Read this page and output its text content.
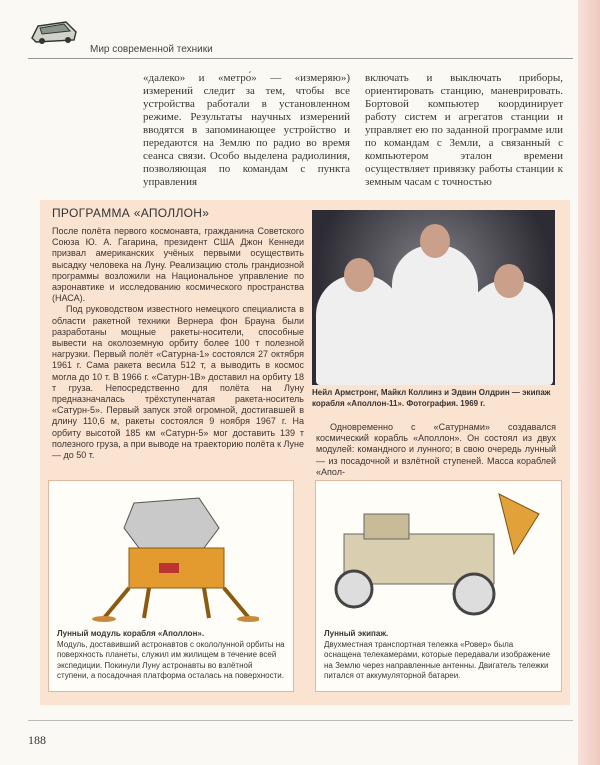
Мир современной техники
«далеко» и «метро́» — «измеряю») измерений следит за тем, чтобы все устройства работали в установленном режиме. Результаты научных измерений вводятся в запоминающее устройство и передаются на Землю по радио во время сеанса связи. Особо выделена радиолиния, позволяющая по командам с пункта управления
включать и выключать приборы, ориентировать станцию, маневрировать. Бортовой компьютер координирует работу систем и агрегатов станции и управляет ею по заданной программе или по командам с Земли, а связанный с компьютером эталон времени осуществляет привязку работы станции к земным часам с точностью
ПРОГРАММА «АПОЛЛОН»
После полёта первого космонавта, гражданина Советского Союза Ю. А. Гагарина, президент США Джон Кеннеди призвал американских учёных первыми осуществить высадку человека на Луну. Реализацию столь грандиозной программы возложили на Национальное управление по аэронавтике и исследованию космического пространства (НАСА).
Под руководством известного немецкого специалиста в области ракетной техники Вернера фон Брауна были разработаны мощные ракеты-носители, способные вывести на околоземную орбиту более 100 т полезной нагрузки. Первый полёт «Сатурна-1» состоялся 27 октября 1961 г. Сама ракета весила 512 т, а выводить в космос могла до 10 т. В 1966 г. «Сатурн-1B» доставил на орбиту 18 т груза. Непосредственно для полёта на Луну предназначалась трёхступенчатая ракета-носитель «Сатурн-5». Первый запуск этой огромной, достигавшей в длину 110,6 м, ракеты состоялся 9 ноября 1967 г. На орбиту высотой 185 км «Сатурн-5» мог доставить 139 т полезного груза, а при выводе на траекторию полёта к Луне — до 50 т.
Нейл Армстронг, Майкл Коллинз и Эдвин Олдрин — экипаж корабля «Аполлон-11». Фотография. 1969 г.
Одновременно с «Сатурнами» создавался космический корабль «Аполлон». Он состоял из двух модулей: командного и лунного; в свою очередь лунный — из посадочной и взлётной ступеней. Масса кораблей «Апол-
Лунный модуль корабля «Аполлон».
Модуль, доставивший астронавтов с окололунной орбиты на поверхность планеты, служил им жилищем в течение всей экспедиции. Покинули Луну астронавты во взлётной ступени, а посадочная платформа осталась на поверхности.
Лунный экипаж.
Двухместная транспортная тележка «Ровер» была оснащена телекамерами, которые передавали изображение на Землю через направленные антенны. Двигатель тележки питался от аккумуляторной батареи.
188
